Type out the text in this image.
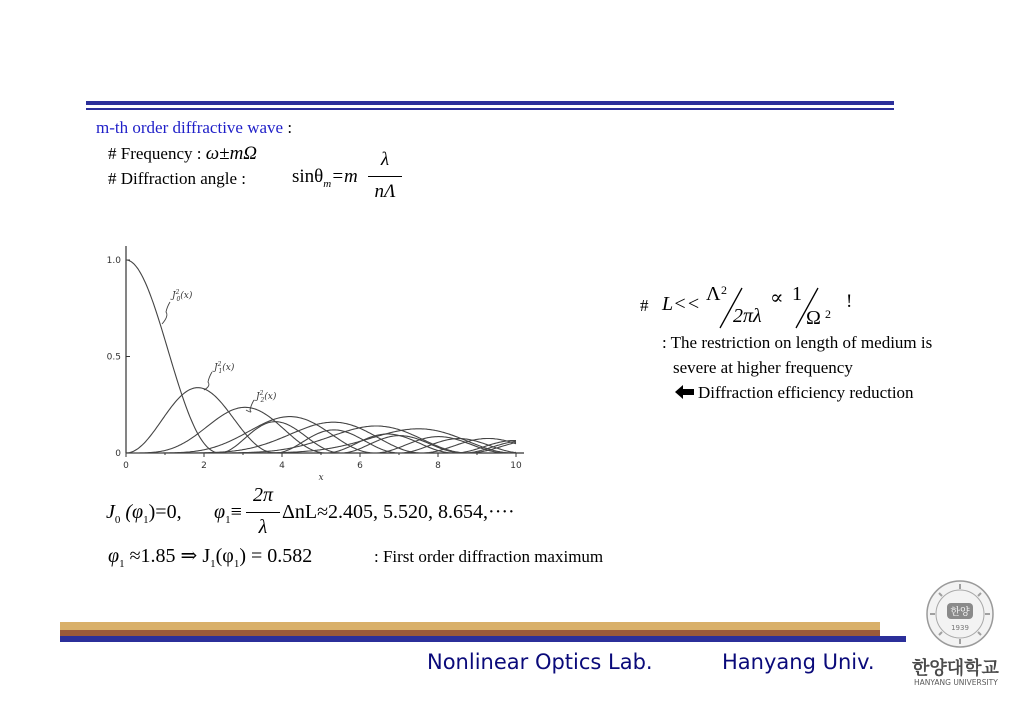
m-th order diffractive wave :
# Frequency : ω±mΩ
# Diffraction angle : sinθ$_m$=m
λ
nΛ
0	2	4	6	8	10
0
0.5
1.0
x
$J^2$ 0(x)
$J^2$ 1(x)
$J^2$ 2(x)
# L<< Λ 2
2πλ
∝ 1
Ω 2
!
: The restriction on length of medium is
severe at higher frequency
Diffraction efficiency reduction
$J_0$ $(\varphi_1)=0$, $\varphi_1\equiv$
2π
λ
ΔnL≈2.405, 5.520, 8.654,····
$\varphi_1 \approx 1.85$ ⇒ $J_1(\varphi_1) = 0.582$	: First order diffraction maximum
Nonlinear Optics Lab.	Hanyang Univ.
한양
1939
한양대학교
HANYANG UNIVERSITY
